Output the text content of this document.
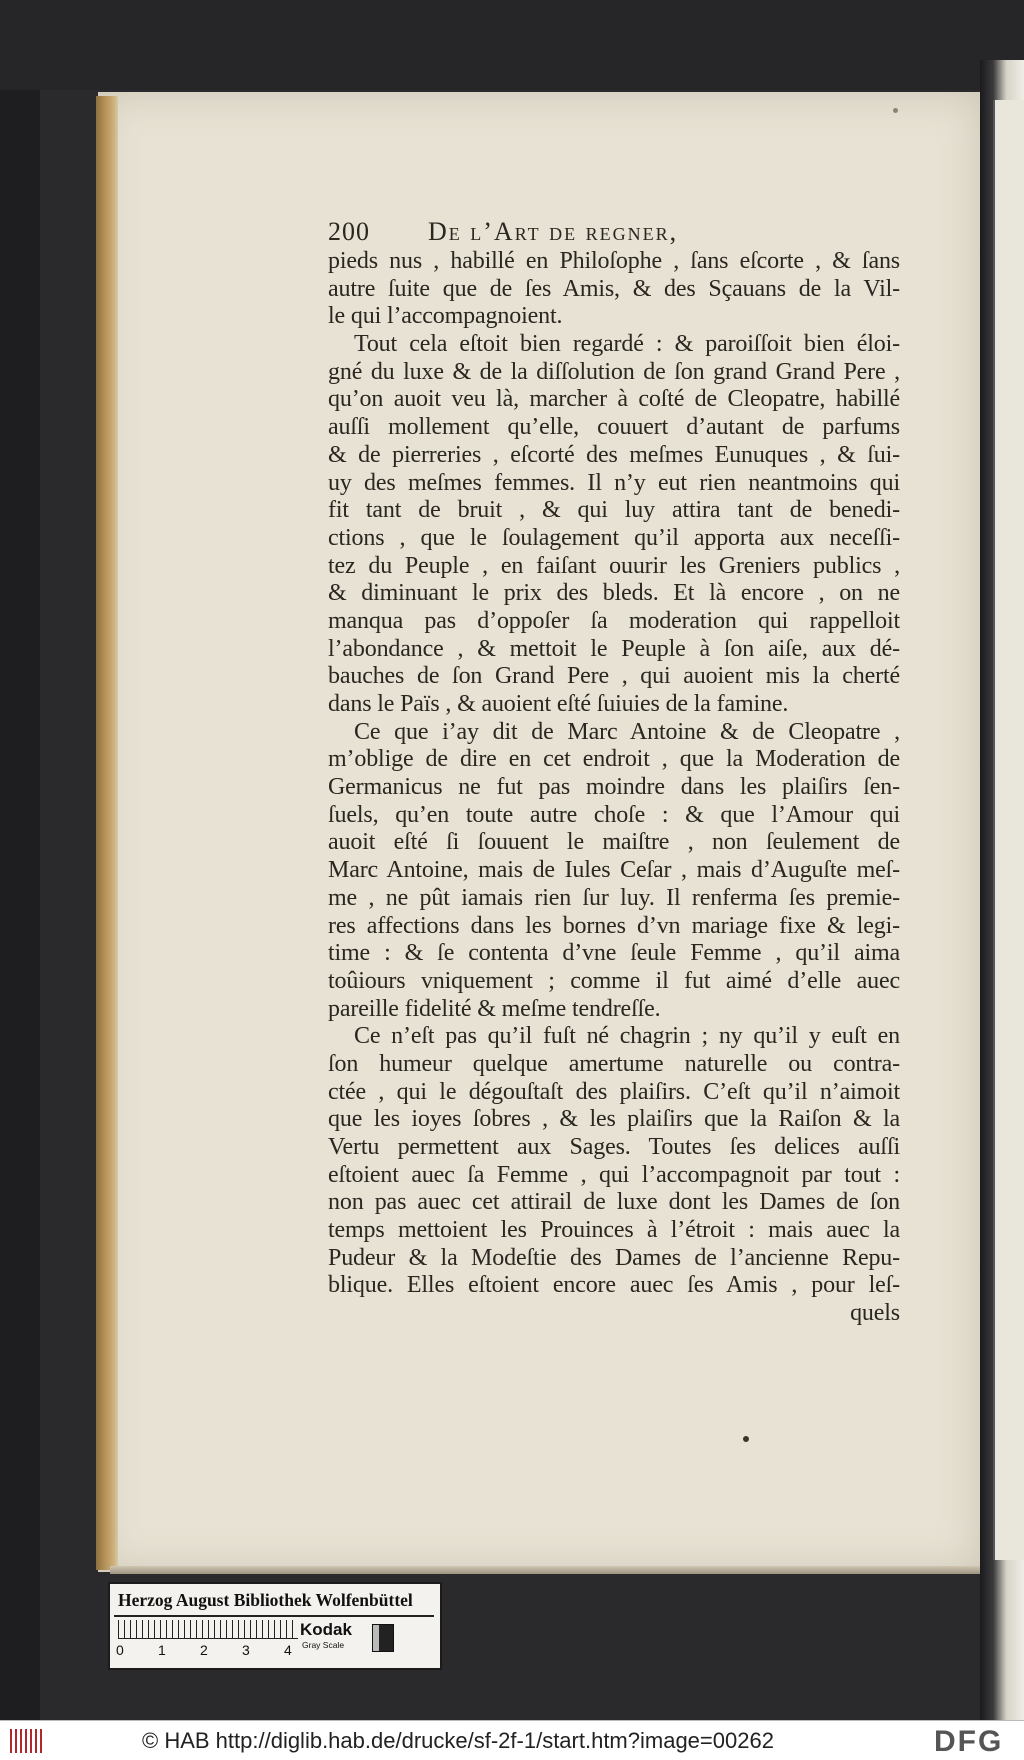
200	De l’Art de regner,
pieds nus , habillé en Philoſophe , ſans eſcorte , & ſans
autre ſuite que de ſes Amis, & des Sçauans de la Vil-
le qui l’accompagnoient.
Tout cela eſtoit bien regardé : & paroiſſoit bien éloi-
gné du luxe & de la diſſolution de ſon grand Grand Pere ,
qu’on auoit veu là, marcher à coſté de Cleopatre, habillé
auſſi mollement qu’elle, couuert d’autant de parfums
& de pierreries , eſcorté des meſmes Eunuques , & ſui-
uy des meſmes femmes. Il n’y eut rien neantmoins qui
fit tant de bruit , & qui luy attira tant de benedi-
ctions , que le ſoulagement qu’il apporta aux neceſſi-
tez du Peuple , en faiſant ouurir les Greniers publics ,
& diminuant le prix des bleds. Et là encore , on ne
manqua pas d’oppoſer ſa moderation qui rappelloit
l’abondance , & mettoit le Peuple à ſon aiſe, aux dé-
bauches de ſon Grand Pere , qui auoient mis la cherté
dans le Païs , & auoient eſté ſuiuies de la famine.
Ce que i’ay dit de Marc Antoine & de Cleopatre ,
m’oblige de dire en cet endroit , que la Moderation de
Germanicus ne fut pas moindre dans les plaiſirs ſen-
ſuels, qu’en toute autre choſe : & que l’Amour qui
auoit eſté ſi ſouuent le maiſtre , non ſeulement de
Marc Antoine, mais de Iules Ceſar , mais d’Auguſte meſ-
me , ne pût iamais rien ſur luy. Il renferma ſes premie-
res affections dans les bornes d’vn mariage fixe & legi-
time : & ſe contenta d’vne ſeule Femme , qu’il aima
toûiours vniquement ; comme il fut aimé d’elle auec
pareille fidelité & meſme tendreſſe.
Ce n’eſt pas qu’il fuſt né chagrin ; ny qu’il y euſt en
ſon humeur quelque amertume naturelle ou contra-
ctée , qui le dégouſtaſt des plaiſirs. C’eſt qu’il n’aimoit
que les ioyes ſobres , & les plaiſirs que la Raiſon & la
Vertu permettent aux Sages. Toutes ſes delices auſſi
eſtoient auec ſa Femme , qui l’accompagnoit par tout :
non pas auec cet attirail de luxe dont les Dames de ſon
temps mettoient les Prouinces à l’étroit : mais auec la
Pudeur & la Modeſtie des Dames de l’ancienne Repu-
blique. Elles eſtoient encore auec ſes Amis , pour leſ-
quels
Herzog August Bibliothek Wolfenbüttel
0 1 2 3 4
Kodak
Gray Scale
© HAB http://diglib.hab.de/drucke/sf-2f-1/start.htm?image=00262	DFG
